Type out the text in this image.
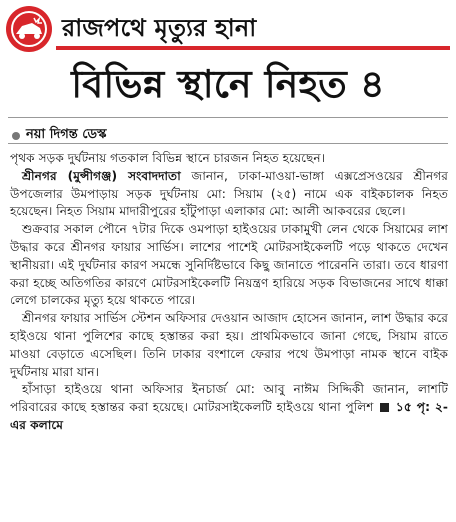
রাজপথে মৃত্যুর হানা
বিভিন্ন স্থানে নিহত ৪
নয়া দিগন্ত ডেস্ক

পৃথক সড়ক দুর্ঘটনায় গতকাল বিভিন্ন স্থানে চারজন নিহত হয়েছেন।

শ্রীনগর (মুন্সীগঞ্জ) সংবাদদাতা জানান, ঢাকা-মাওয়া-ভাঙ্গা এক্সপ্রেসওয়ের শ্রীনগর উপজেলার উমপাড়ায় সড়ক দুর্ঘটনায় মো: সিয়াম (২৫) নামে এক বাইকচালক নিহত হয়েছেন। নিহত সিয়াম মাদারীপুরের হাঁটুপাড়া এলাকার মো: আলী আকবরের ছেলে।

শুক্রবার সকাল পৌনে ৭টার দিকে ওমপাড়া হাইওয়ের ঢাকামুখী লেন থেকে সিয়ামের লাশ উদ্ধার করে শ্রীনগর ফায়ার সার্ভিস। লাশের পাশেই মোটরসাইকেলটি পড়ে থাকতে দেখেন স্থানীয়রা। এই দুর্ঘটনার কারণ সমন্ধে সুনির্দিষ্টভাবে কিছু জানাতে পারেননি তারা। তবে ধারণা করা হচ্ছে অতিগতির কারণে মোটরসাইকেলটি নিয়ন্ত্রণ হারিয়ে সড়ক বিভাজনের সাথে ধাক্কা লেগে চালকের মৃত্যু হয়ে থাকতে পারে।

শ্রীনগর ফায়ার সার্ভিস স্টেশন অফিসার দেওয়ান আজাদ হোসেন জানান, লাশ উদ্ধার করে হাইওয়ে থানা পুলিশের কাছে হস্তান্তর করা হয়। প্রাথমিকভাবে জানা গেছে, সিয়াম রাতে মাওয়া বেড়াতে এসেছিল। তিনি ঢাকার বংশালে ফেরার পথে উমপাড়া নামক স্থানে বাইক দুর্ঘটনায় মারা যান।

হাঁসাড়া হাইওয়ে থানা অফিসার ইনচার্জ মো: আবু নাঈম সিদ্দিকী জানান, লাশটি পরিবারের কাছে হস্তান্তর করা হয়েছে। মোটরসাইকেলটি হাইওয়ে থানা পুলিশ ১৫ পৃ: ২-এর কলামে
